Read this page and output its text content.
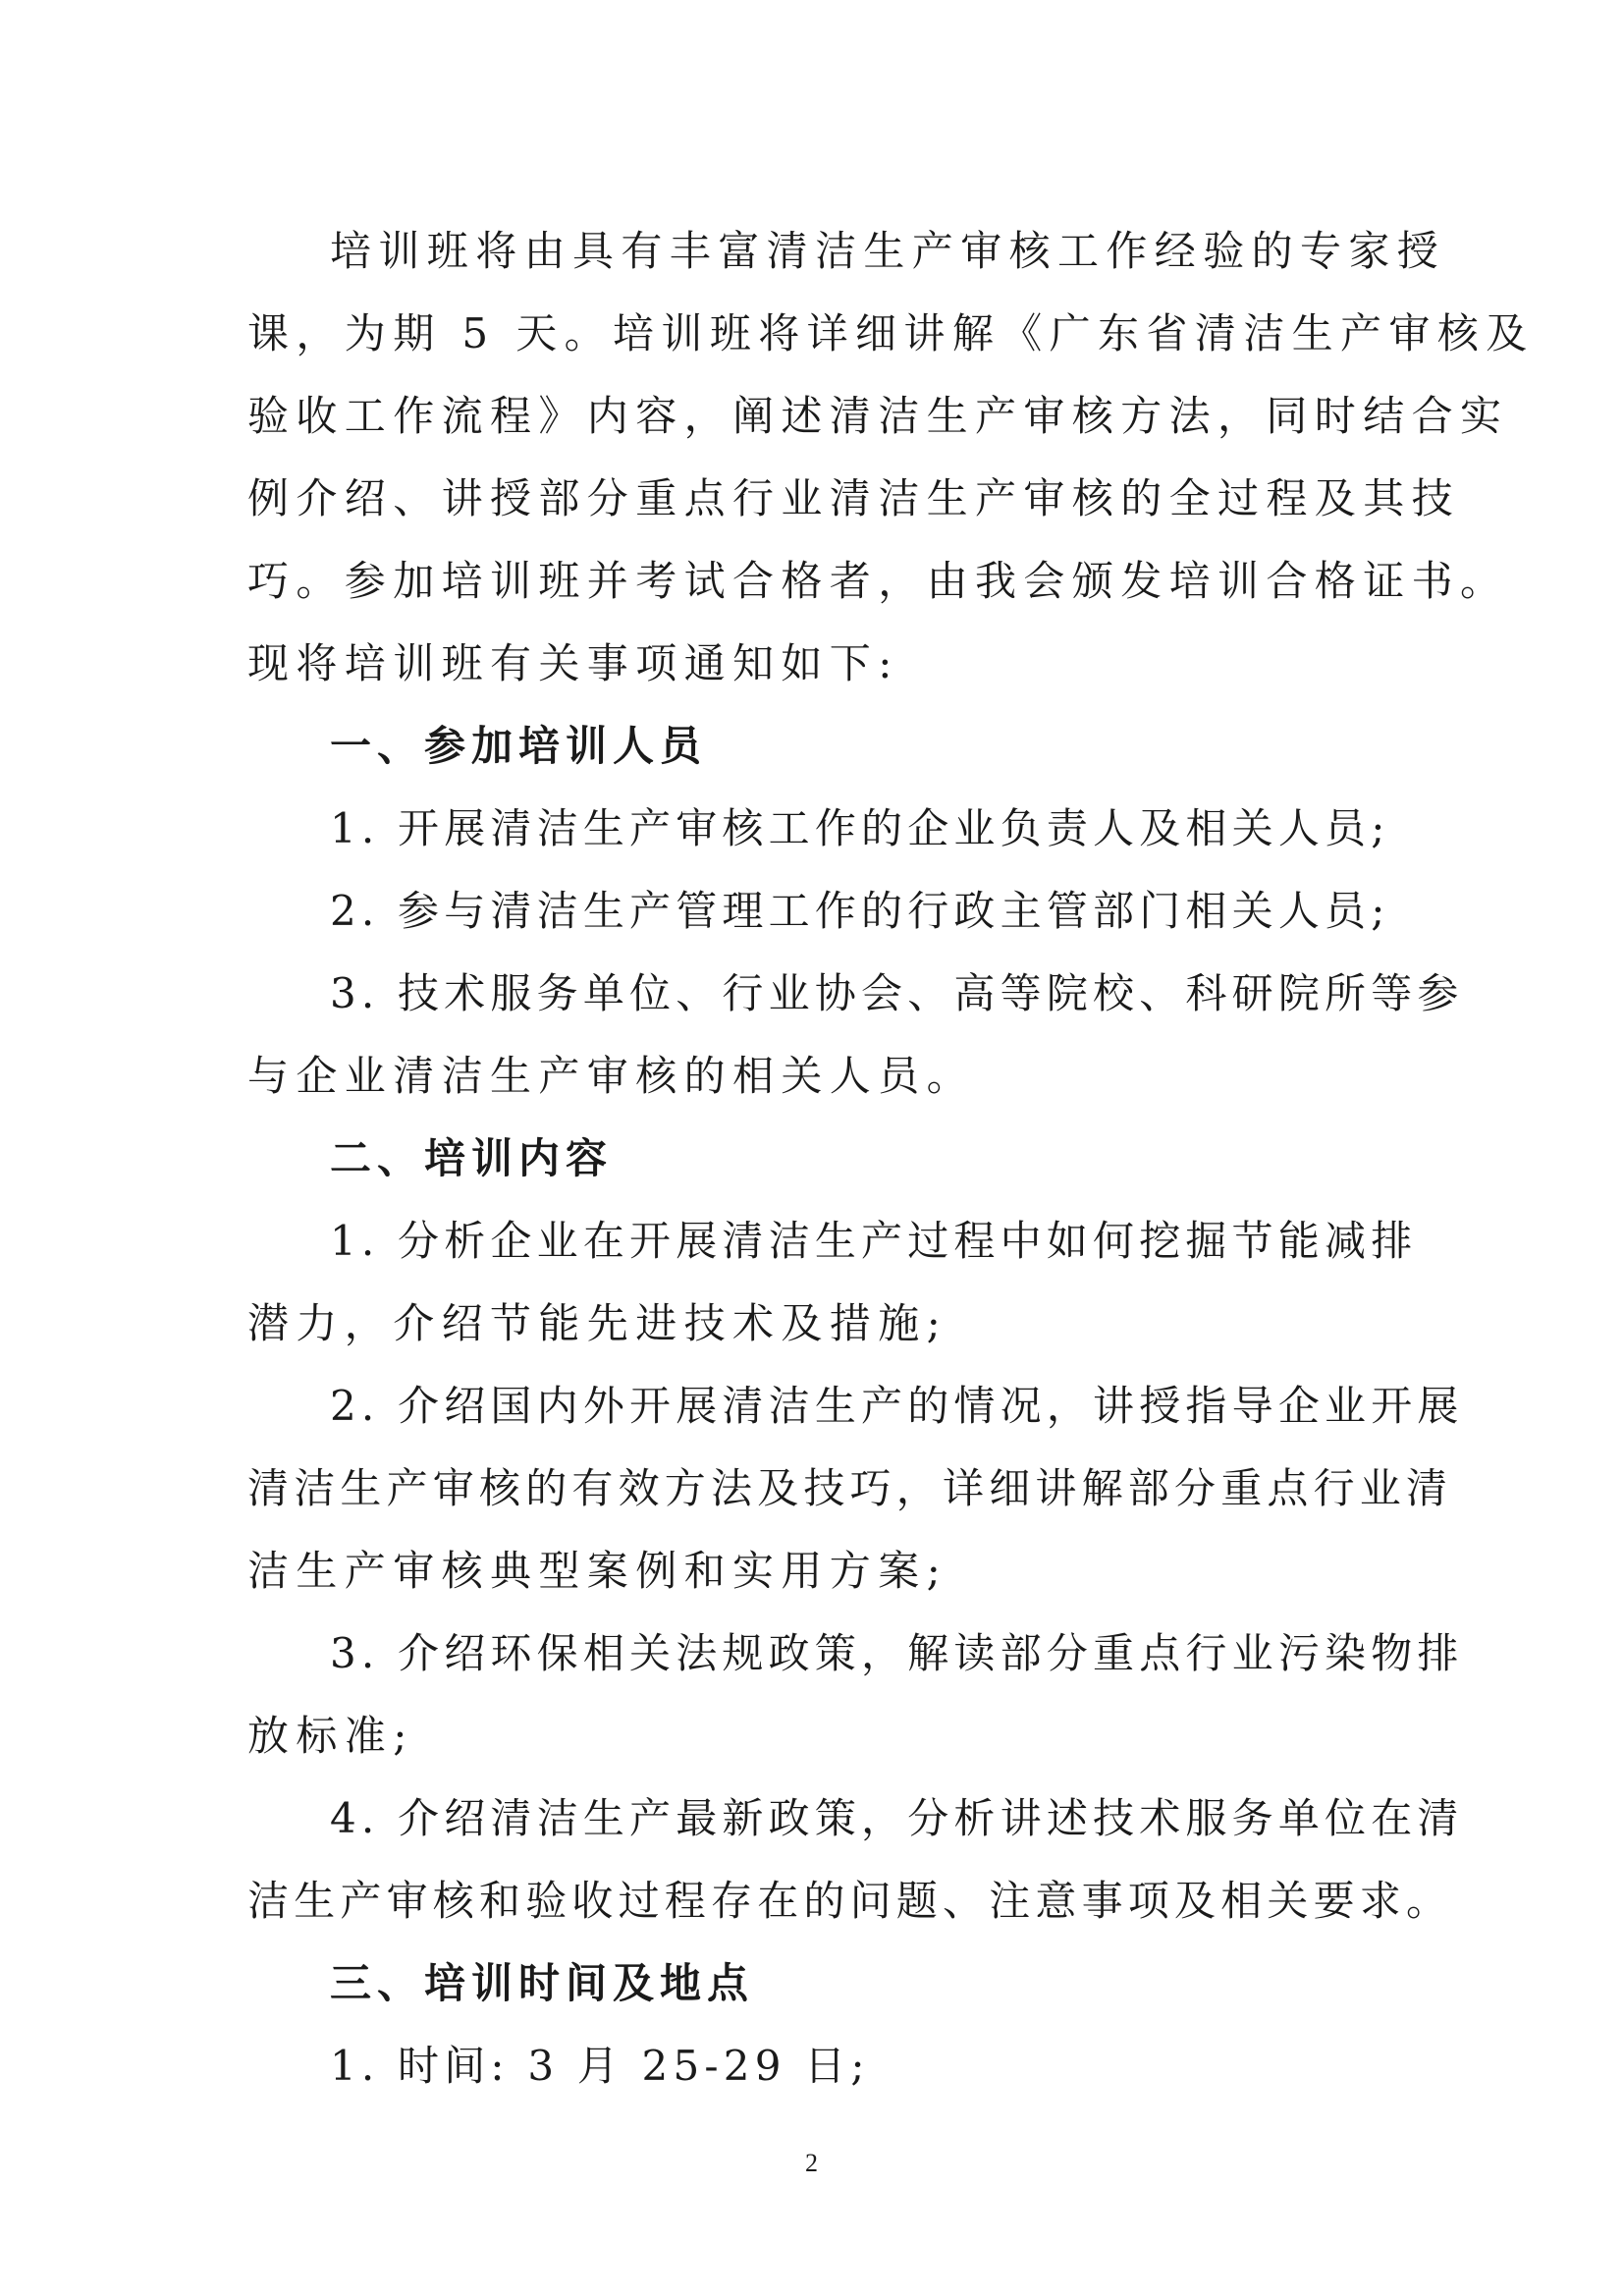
培训班将由具有丰富清洁生产审核工作经验的专家授
课，为期 5 天。培训班将详细讲解《广东省清洁生产审核及
验收工作流程》内容，阐述清洁生产审核方法，同时结合实
例介绍、讲授部分重点行业清洁生产审核的全过程及其技
巧。参加培训班并考试合格者，由我会颁发培训合格证书。
现将培训班有关事项通知如下:
一、参加培训人员
1. 开展清洁生产审核工作的企业负责人及相关人员;
2. 参与清洁生产管理工作的行政主管部门相关人员;
3. 技术服务单位、行业协会、高等院校、科研院所等参
与企业清洁生产审核的相关人员。
二、培训内容
1. 分析企业在开展清洁生产过程中如何挖掘节能减排
潜力，介绍节能先进技术及措施;
2. 介绍国内外开展清洁生产的情况，讲授指导企业开展
清洁生产审核的有效方法及技巧，详细讲解部分重点行业清
洁生产审核典型案例和实用方案;
3. 介绍环保相关法规政策，解读部分重点行业污染物排
放标准;
4. 介绍清洁生产最新政策，分析讲述技术服务单位在清
洁生产审核和验收过程存在的问题、注意事项及相关要求。
三、培训时间及地点
1. 时间: 3 月 25-29 日;
2
